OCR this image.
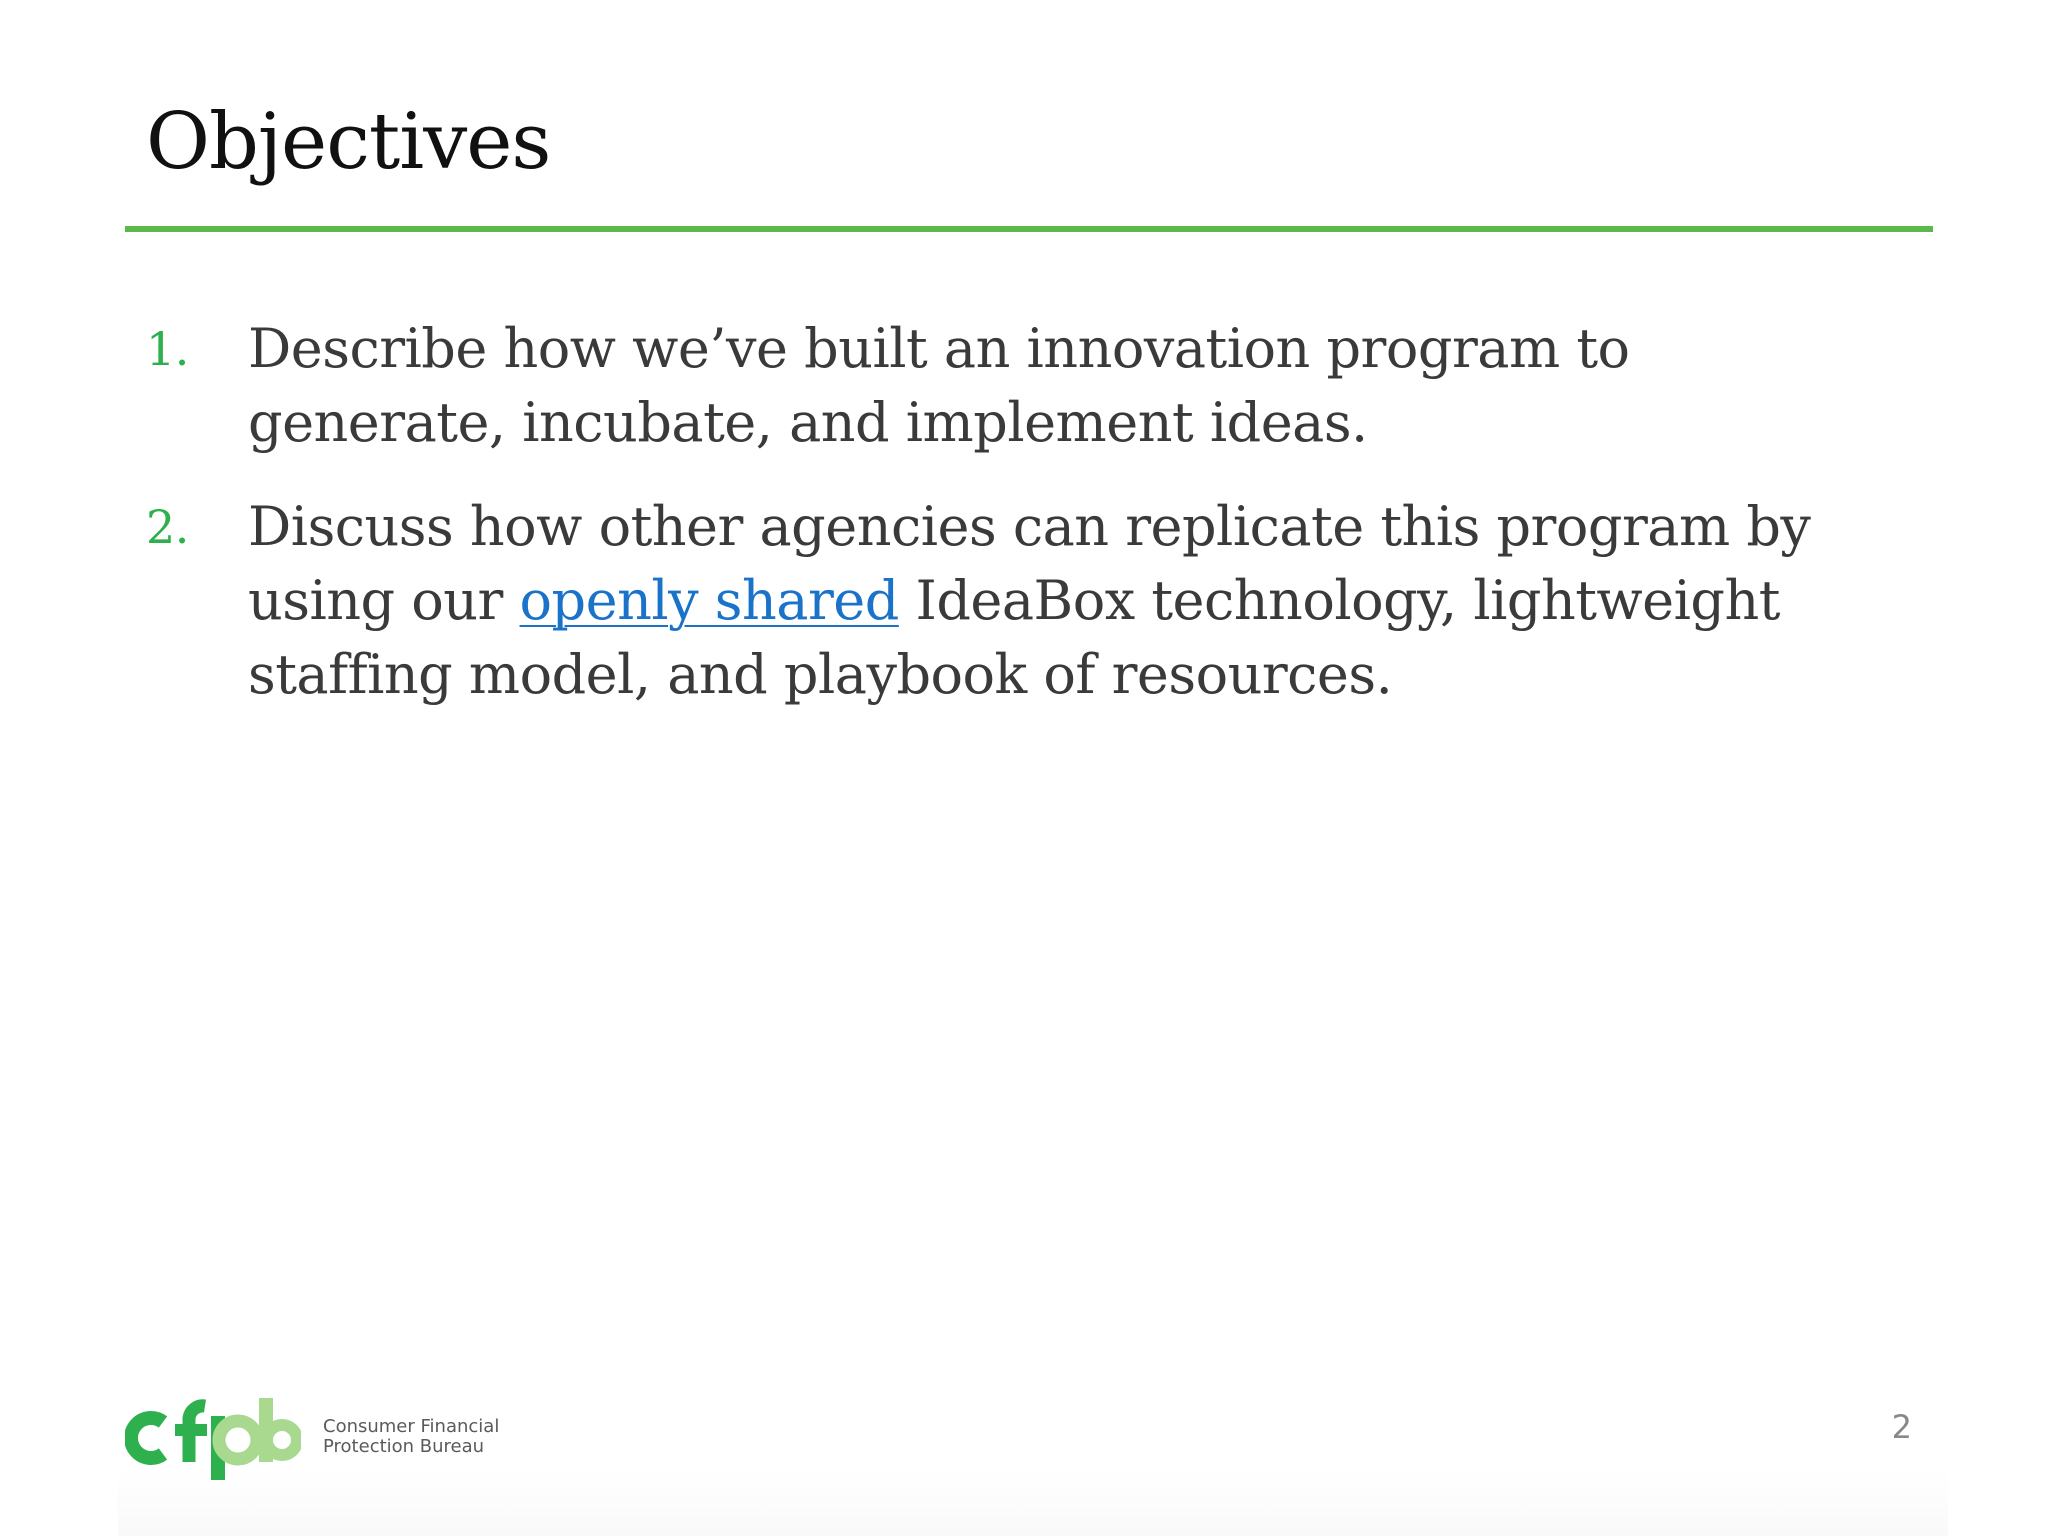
Objectives
1. Describe how we’ve built an innovation program to generate, incubate, and implement ideas.
2. Discuss how other agencies can replicate this program by using our openly shared IdeaBox technology, lightweight staffing model, and playbook of resources.
Consumer Financial
Protection Bureau
2
